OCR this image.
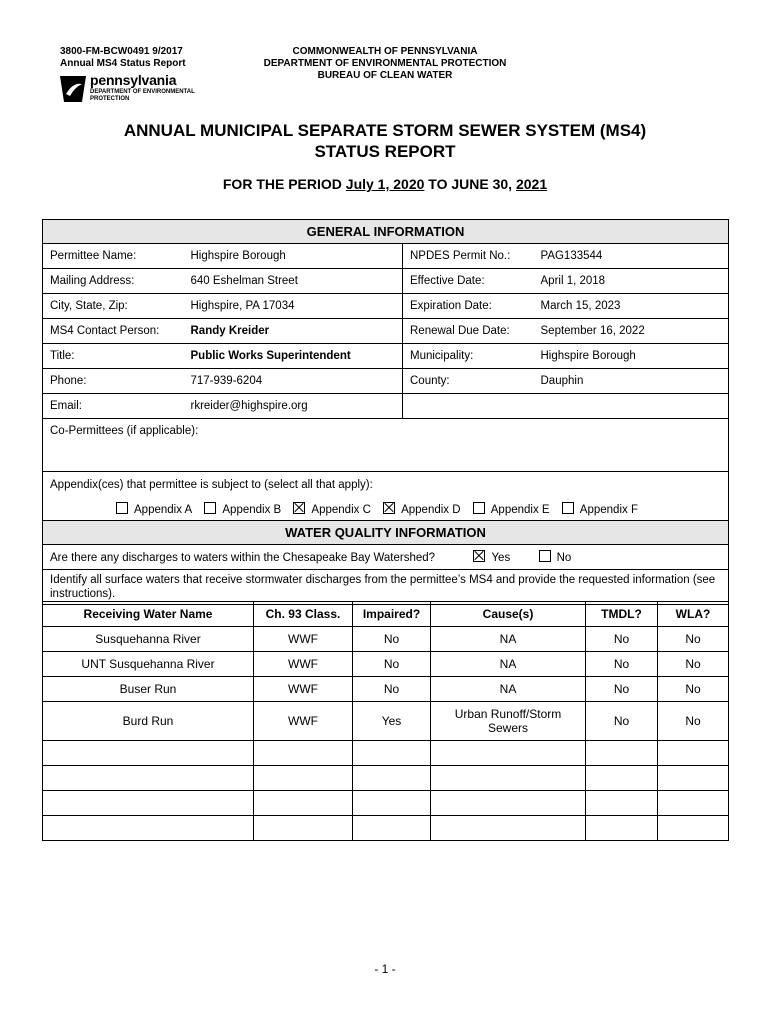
3800-FM-BCW0491 9/2017
Annual MS4 Status Report
pennsylvania
DEPARTMENT OF ENVIRONMENTAL
PROTECTION
COMMONWEALTH OF PENNSYLVANIA
DEPARTMENT OF ENVIRONMENTAL PROTECTION
BUREAU OF CLEAN WATER
ANNUAL MUNICIPAL SEPARATE STORM SEWER SYSTEM (MS4)
STATUS REPORT
FOR THE PERIOD July 1, 2020 TO JUNE 30, 2021
GENERAL INFORMATION			
Permittee Name:	Highspire Borough	NPDES Permit No.:	PAG133544
Mailing Address:	640 Eshelman Street	Effective Date:	April 1, 2018
City, State, Zip:	Highspire, PA 17034	Expiration Date:	March 15, 2023
MS4 Contact Person:	Randy Kreider	Renewal Due Date:	September 16, 2022
Title:	Public Works Superintendent	Municipality:	Highspire Borough
Phone:	717-939-6204	County:	Dauphin
Email:	rkreider@highspire.org		
Co-Permittees (if applicable):			
Appendix(ces) that permittee is subject to (select all that apply):			
Appendix A Appendix B Appendix C Appendix D Appendix E Appendix F			
WATER QUALITY INFORMATION			
Are there any discharges to waters within the Chesapeake Bay Watershed? Yes No			
Identify all surface waters that receive stormwater discharges from the permittee’s MS4 and provide the requested information (see instructions).			
Receiving Water Name	Ch. 93 Class.	Impaired?	Cause(s)	TMDL?	WLA?
Susquehanna River	WWF	No	NA	No	No
UNT Susquehanna River	WWF	No	NA	No	No
Buser Run	WWF	No	NA	No	No
Burd Run	WWF	Yes	Urban Runoff/Storm Sewers	No	No

- 1 -
